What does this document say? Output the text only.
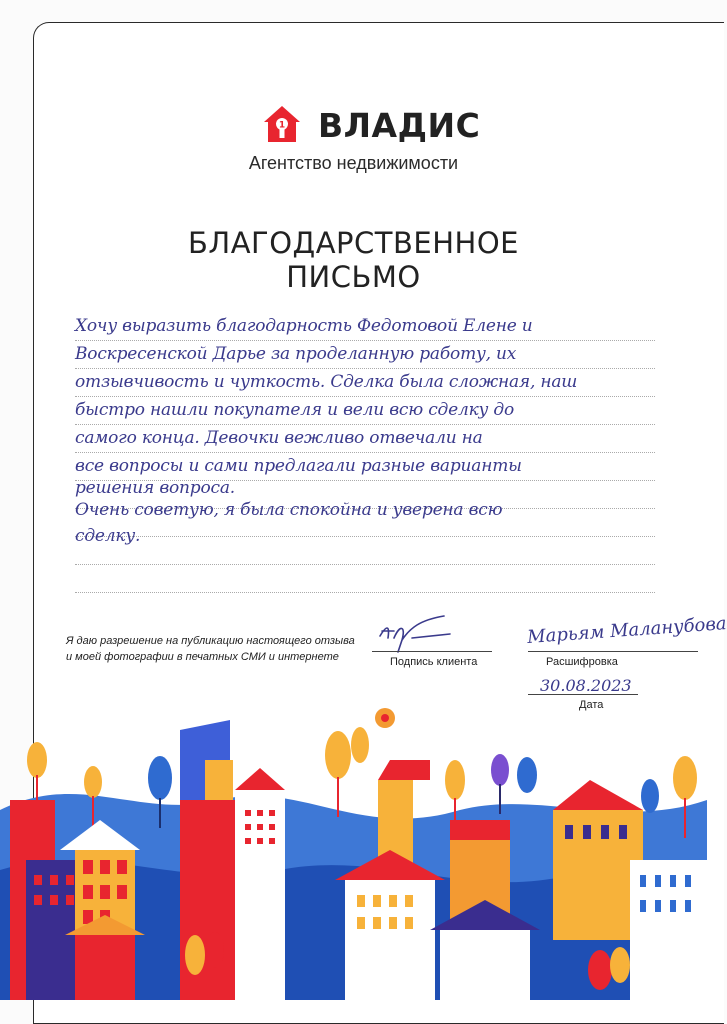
1 ВЛАДИС
Агентство недвижимости
БЛАГОДАРСТВЕННОЕ
ПИСЬМО
Хочу выразить благодарность Федотовой Елене и
Воскресенской Дарье за проделанную работу, их
отзывчивость и чуткость. Сделка была сложная, наш
быстро нашли покупателя и вели всю сделку до
самого конца. Девочки вежливо отвечали на
все вопросы и сами предлагали разные варианты
решения вопроса.
Очень советую, я была спокойна и уверена всю
сделку.
Я даю разрешение на публикацию настоящего отзыва
и моей фотографии в печатных СМИ и интернете	Подпись клиента
Марьям Маланубова
Расшифровка
30.08.2023
Дата
